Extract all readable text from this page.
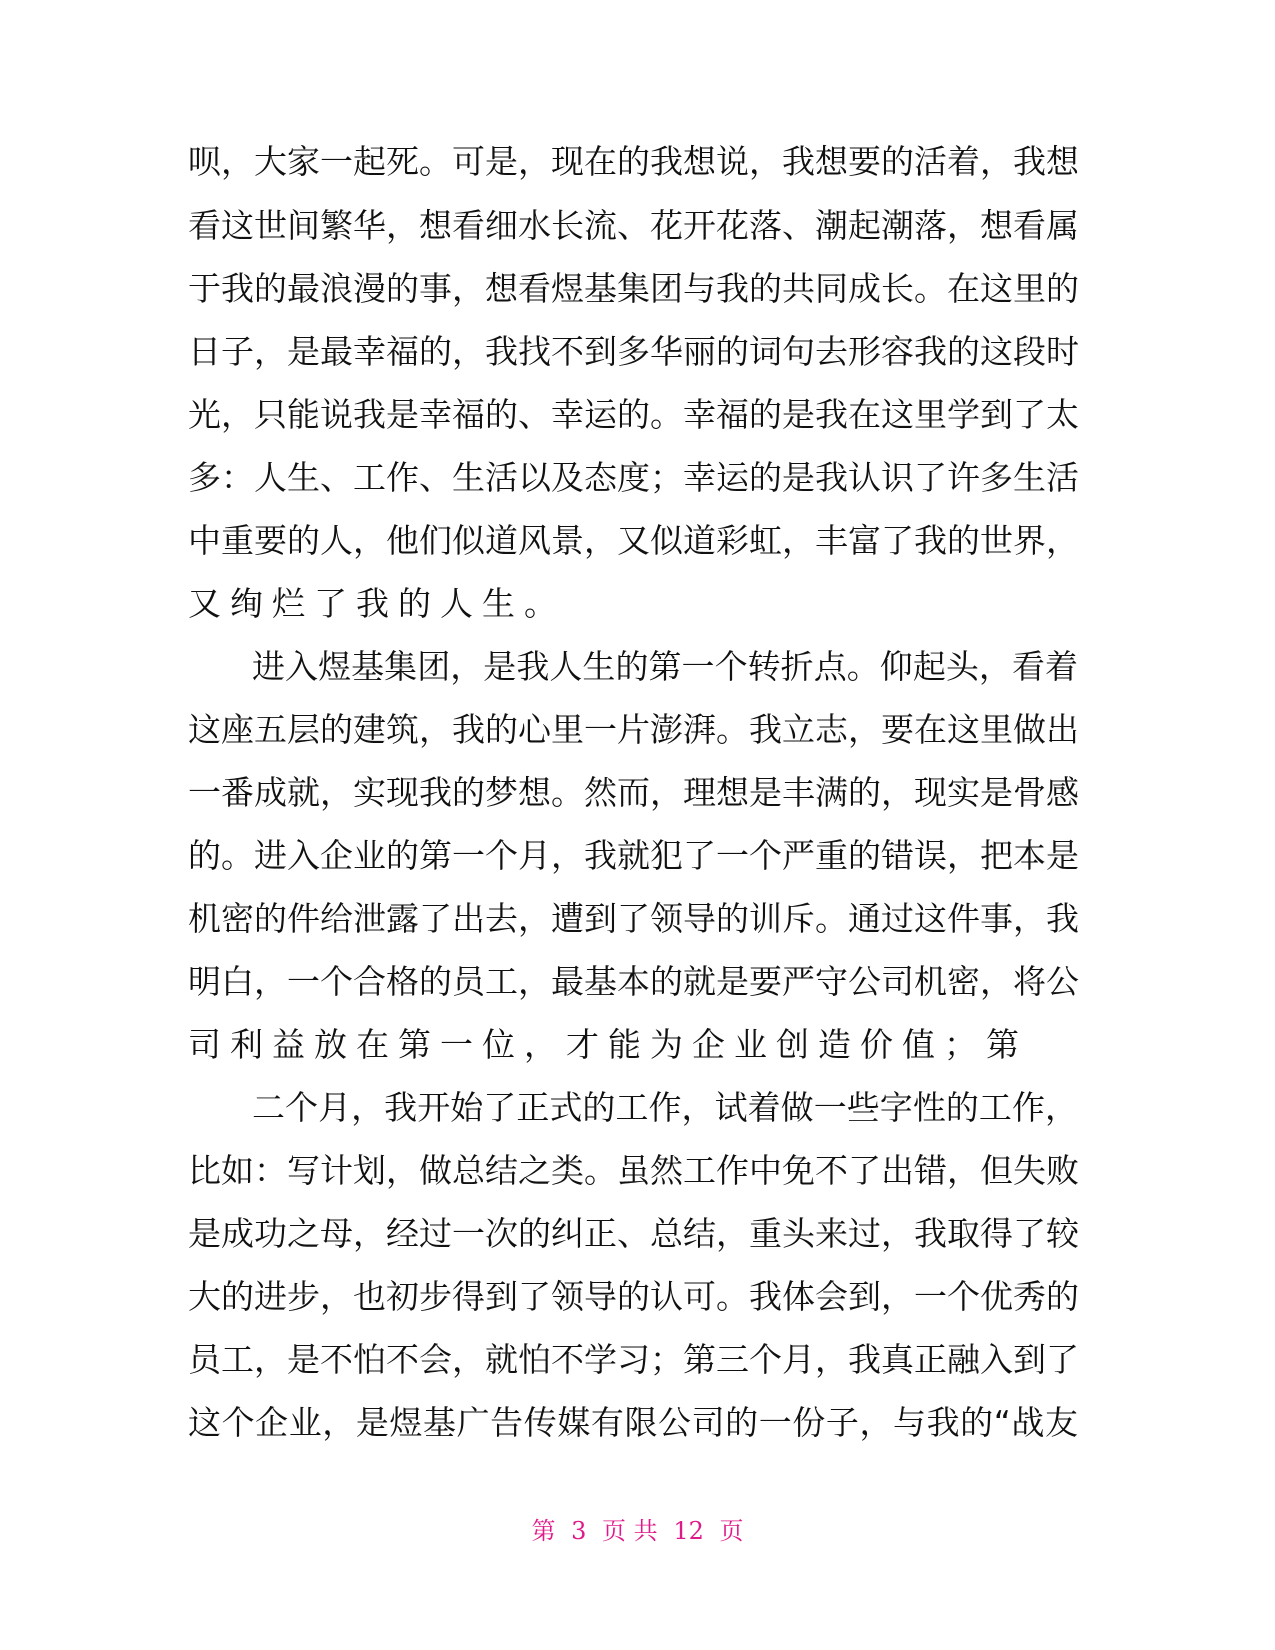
呗，大家一起死。可是，现在的我想说，我想要的活着，我想
看这世间繁华，想看细水长流、花开花落、潮起潮落，想看属
于我的最浪漫的事，想看煜基集团与我的共同成长。在这里的
日子，是最幸福的，我找不到多华丽的词句去形容我的这段时
光，只能说我是幸福的、幸运的。幸福的是我在这里学到了太
多：人生、工作、生活以及态度；幸运的是我认识了许多生活
中重要的人，他们似道风景，又似道彩虹，丰富了我的世界，
又绚烂了我的人生。
进入煜基集团，是我人生的第一个转折点。仰起头，看着
这座五层的建筑，我的心里一片澎湃。我立志，要在这里做出
一番成就，实现我的梦想。然而，理想是丰满的，现实是骨感
的。进入企业的第一个月，我就犯了一个严重的错误，把本是
机密的件给泄露了出去，遭到了领导的训斥。通过这件事，我
明白，一个合格的员工，最基本的就是要严守公司机密，将公
司利益放在第一位，才能为企业创造价值；第
二个月，我开始了正式的工作，试着做一些字性的工作，
比如：写计划，做总结之类。虽然工作中免不了出错，但失败
是成功之母，经过一次的纠正、总结，重头来过，我取得了较
大的进步，也初步得到了领导的认可。我体会到，一个优秀的
员工，是不怕不会，就怕不学习；第三个月，我真正融入到了
这个企业，是煜基广告传媒有限公司的一份子，与我的“战友
第 3 页 共 12 页
